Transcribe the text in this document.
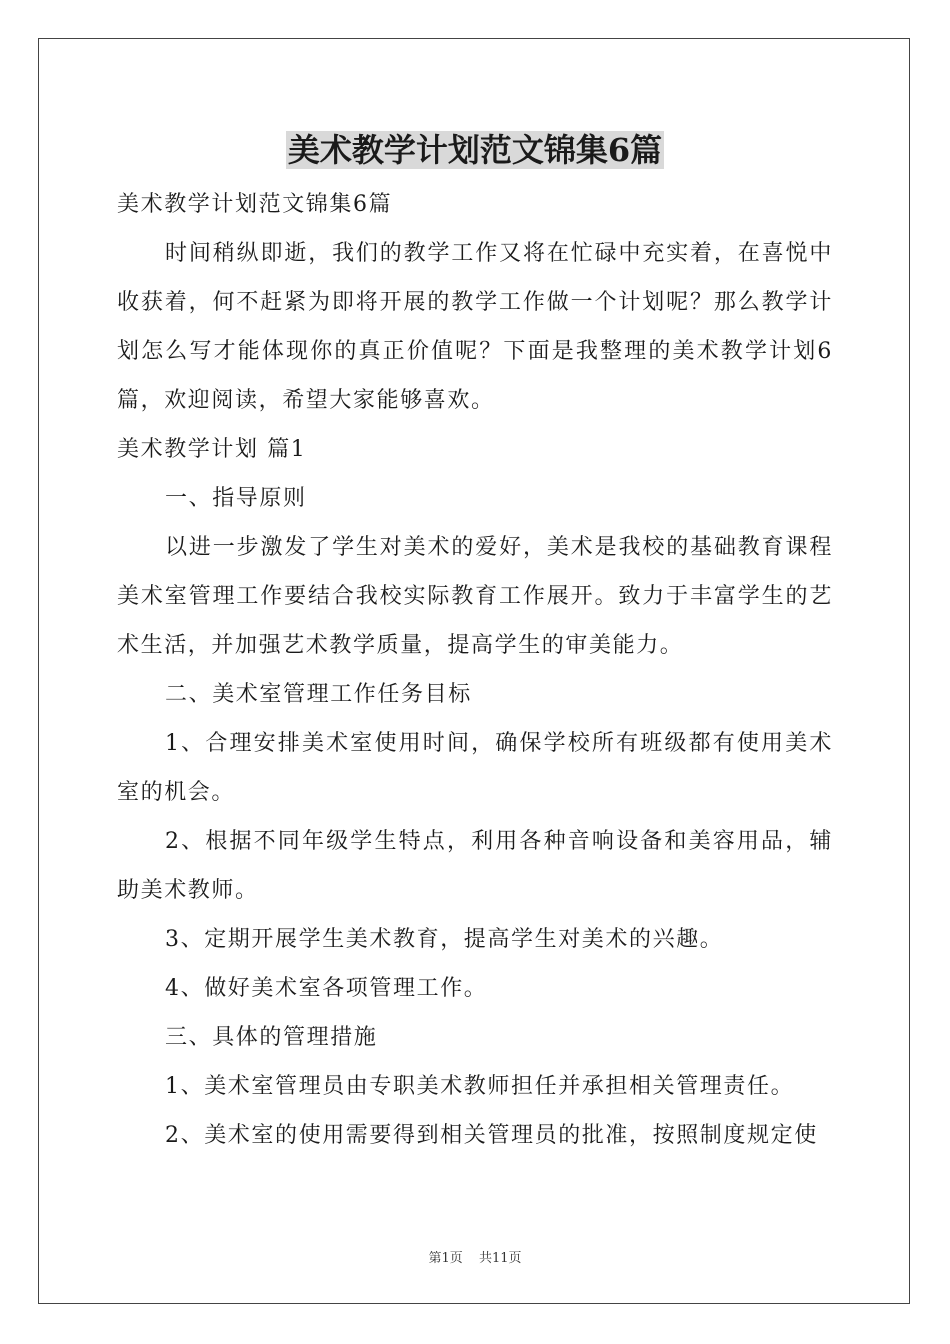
美术教学计划范文锦集6篇

美术教学计划范文锦集6篇

时间稍纵即逝，我们的教学工作又将在忙碌中充实着，在喜悦中收获着，何不赶紧为即将开展的教学工作做一个计划呢？那么教学计划怎么写才能体现你的真正价值呢？下面是我整理的美术教学计划6篇，欢迎阅读，希望大家能够喜欢。

美术教学计划 篇1

一、指导原则

以进一步激发了学生对美术的爱好，美术是我校的基础教育课程美术室管理工作要结合我校实际教育工作展开。致力于丰富学生的艺术生活，并加强艺术教学质量，提高学生的审美能力。

二、美术室管理工作任务目标

1、合理安排美术室使用时间，确保学校所有班级都有使用美术室的机会。

2、根据不同年级学生特点，利用各种音响设备和美容用品，辅助美术教师。

3、定期开展学生美术教育，提高学生对美术的兴趣。

4、做好美术室各项管理工作。

三、具体的管理措施

1、美术室管理员由专职美术教师担任并承担相关管理责任。

2、美术室的使用需要得到相关管理员的批准，按照制度规定使

第1页 共11页
